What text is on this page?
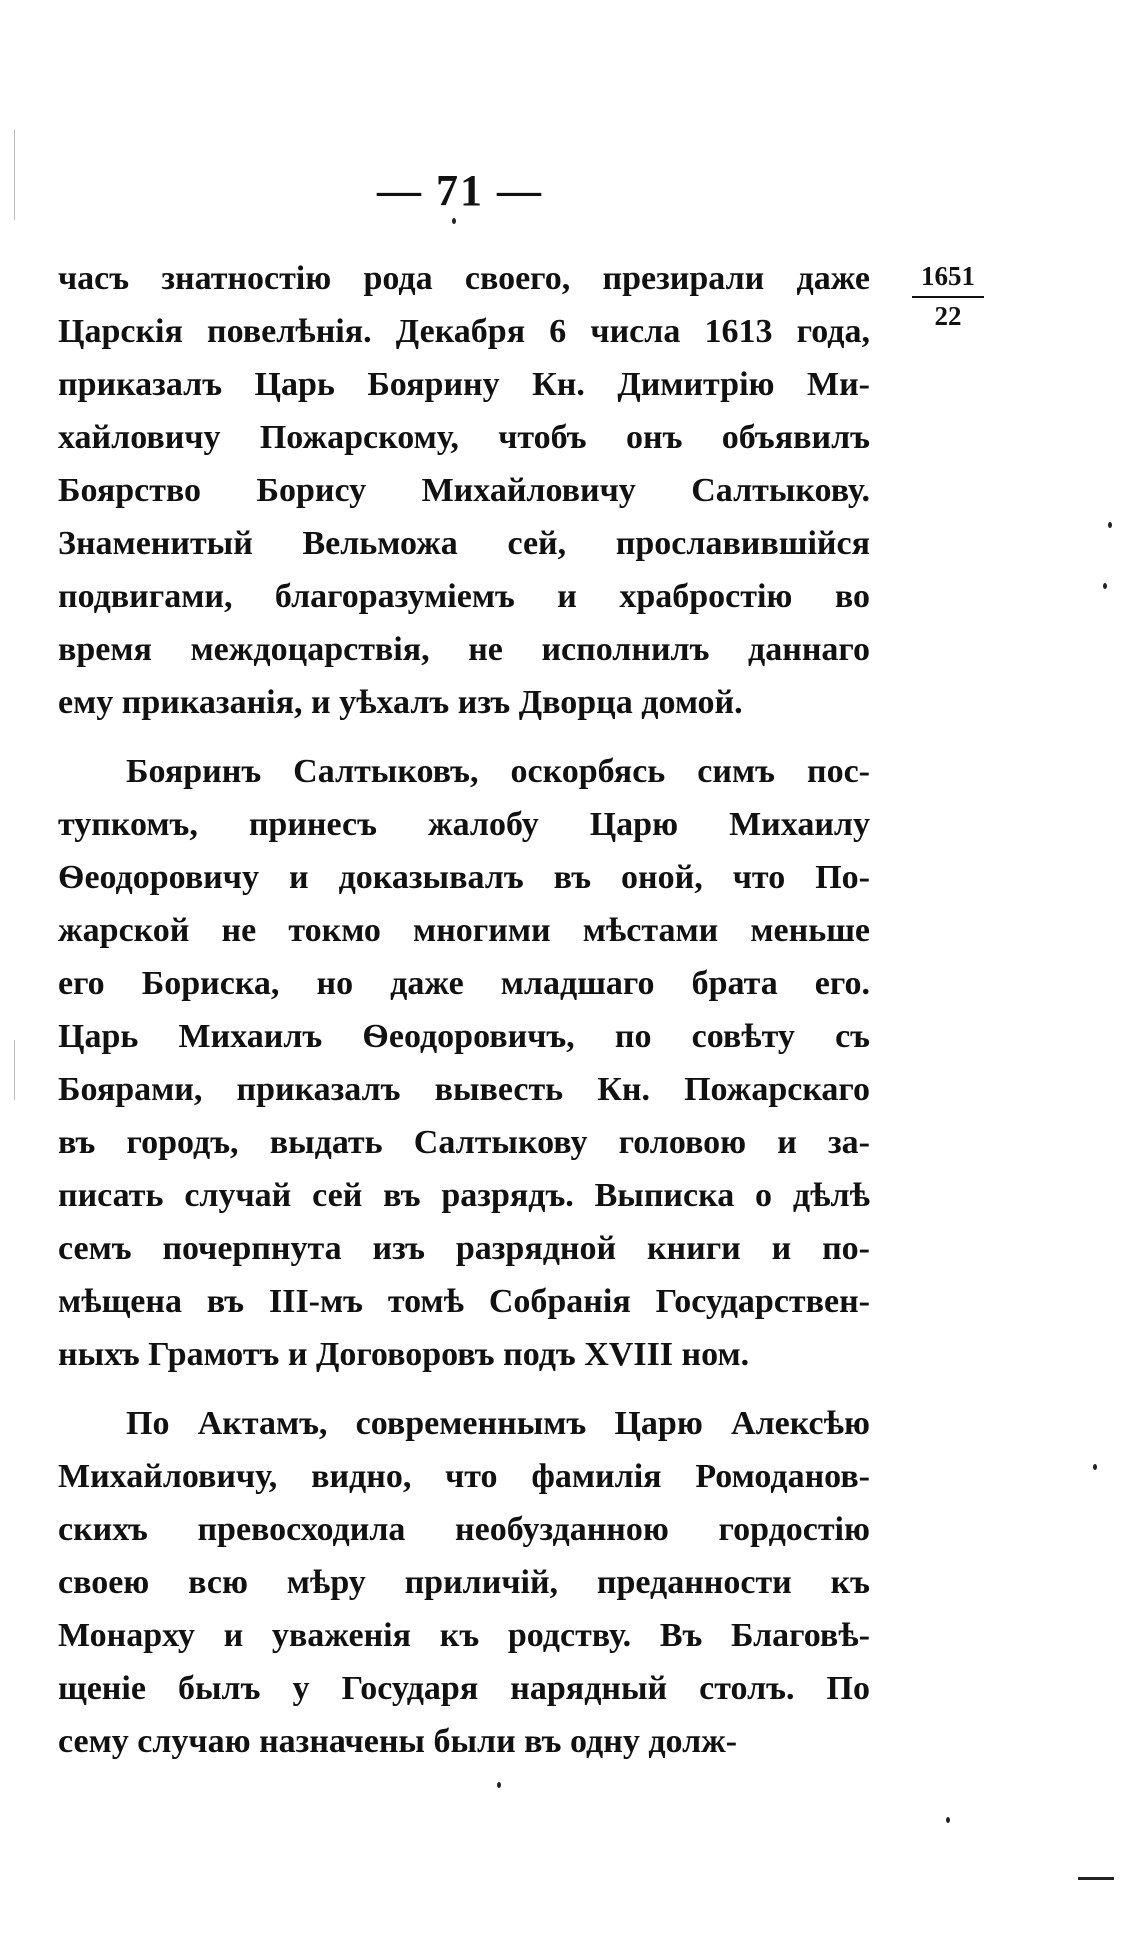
— 71 —
1651
22
часъ знатностію рода своего, презирали даже
Царскія повелѣнія. Декабря 6 числа 1613 года,
приказалъ Царь Боярину Кн. Димитрію Ми-
хайловичу Пожарскому, чтобъ онъ объявилъ
Боярство Борису Михайловичу Салтыкову.
Знаменитый Вельможа сей, прославившійся
подвигами, благоразуміемъ и храбростію во
время междоцарствія, не исполнилъ даннаго
ему приказанія, и уѣхалъ изъ Дворца домой.
Бояринъ Салтыковъ, оскорбясь симъ пос-
тупкомъ, принесъ жалобу Царю Михаилу
Ѳеодоровичу и доказывалъ въ оной, что По-
жарской не токмо многими мѣстами меньше
его Бориска, но даже младшаго брата его.
Царь Михаилъ Ѳеодоровичъ, по совѣту съ
Боярами, приказалъ вывесть Кн. Пожарскаго
въ городъ, выдать Салтыкову головою и за-
писать случай сей въ разрядъ. Выписка о дѣлѣ
семъ почерпнута изъ разрядной книги и по-
мѣщена въ III-мъ томѣ Собранія Государствен-
ныхъ Грамотъ и Договоровъ подъ XVIII ном.
По Актамъ, современнымъ Царю Алексѣю
Михайловичу, видно, что фамилія Ромоданов-
скихъ превосходила необузданною гордостію
своею всю мѣру приличій, преданности къ
Монарху и уваженія къ родству. Въ Благовѣ-
щеніе былъ у Государя нарядный столъ. По
сему случаю назначены были въ одну долж-
